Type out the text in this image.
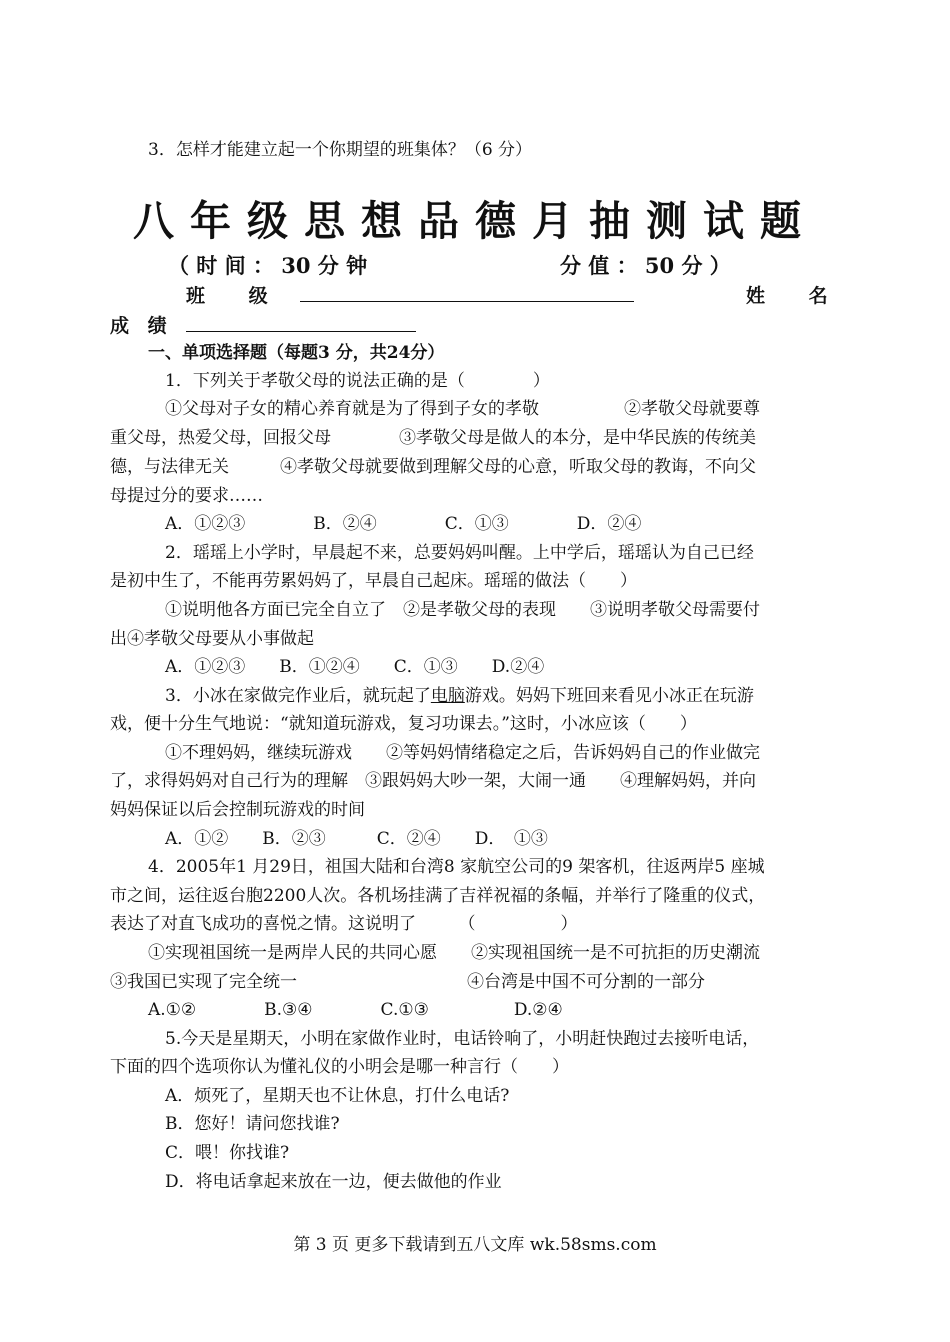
3．怎样才能建立起一个你期望的班集体？（6 分）
八年级思想品德月抽测试题
（ 时 间 ： 30 分 钟	分 值 ： 50 分 ）
班　 级	姓　 名
成 绩
一、单项选择题（每题3 分，共24分）
1．下列关于孝敬父母的说法正确的是（　　　　）
①父母对子女的精心养育就是为了得到子女的孝敬　　　　　②孝敬父母就要尊
重父母，热爱父母，回报父母　　　　③孝敬父母是做人的本分，是中华民族的传统美
德，与法律无关　　　④孝敬父母就要做到理解父母的心意，听取父母的教诲，不向父
母提过分的要求……
A．①②③　　　　B．②④　　　　C．①③　　　　D．②④
2．瑶瑶上小学时，早晨起不来，总要妈妈叫醒。上中学后，瑶瑶认为自己已经
是初中生了，不能再劳累妈妈了，早晨自己起床。瑶瑶的做法（　　）
①说明他各方面已完全自立了　②是孝敬父母的表现　　③说明孝敬父母需要付
出④孝敬父母要从小事做起
A．①②③　　B．①②④　　C．①③　　D.②④
3．小冰在家做完作业后，就玩起了电脑游戏。妈妈下班回来看见小冰正在玩游
戏，便十分生气地说：“就知道玩游戏，复习功课去。”这时，小冰应该（　　）
①不理妈妈，继续玩游戏　　②等妈妈情绪稳定之后，告诉妈妈自己的作业做完
了，求得妈妈对自己行为的理解　③跟妈妈大吵一架，大闹一通　　④理解妈妈，并向
妈妈保证以后会控制玩游戏的时间
A．①②　　B．②③　　　C．②④　　D．　①③
4．2005年1 月29日，祖国大陆和台湾8 家航空公司的9 架客机，往返两岸5 座城
市之间，运往返台胞2200人次。各机场挂满了吉祥祝福的条幅，并举行了隆重的仪式，
表达了对直飞成功的喜悦之情。这说明了　　　（　　　　　）
①实现祖国统一是两岸人民的共同心愿　　②实现祖国统一是不可抗拒的历史潮流
③我国已实现了完全统一　　　　　　　　　　④台湾是中国不可分割的一部分
A.①②　　　　B.③④　　　　C.①③　　　　　D.②④
5.今天是星期天，小明在家做作业时，电话铃响了，小明赶快跑过去接听电话，
下面的四个选项你认为懂礼仪的小明会是哪一种言行（　　）
A．烦死了，星期天也不让休息，打什么电话?
B．您好！请问您找谁?
C．喂！你找谁?
D．将电话拿起来放在一边，便去做他的作业
第 3 页 更多下载请到五八文库 wk.58sms.com
